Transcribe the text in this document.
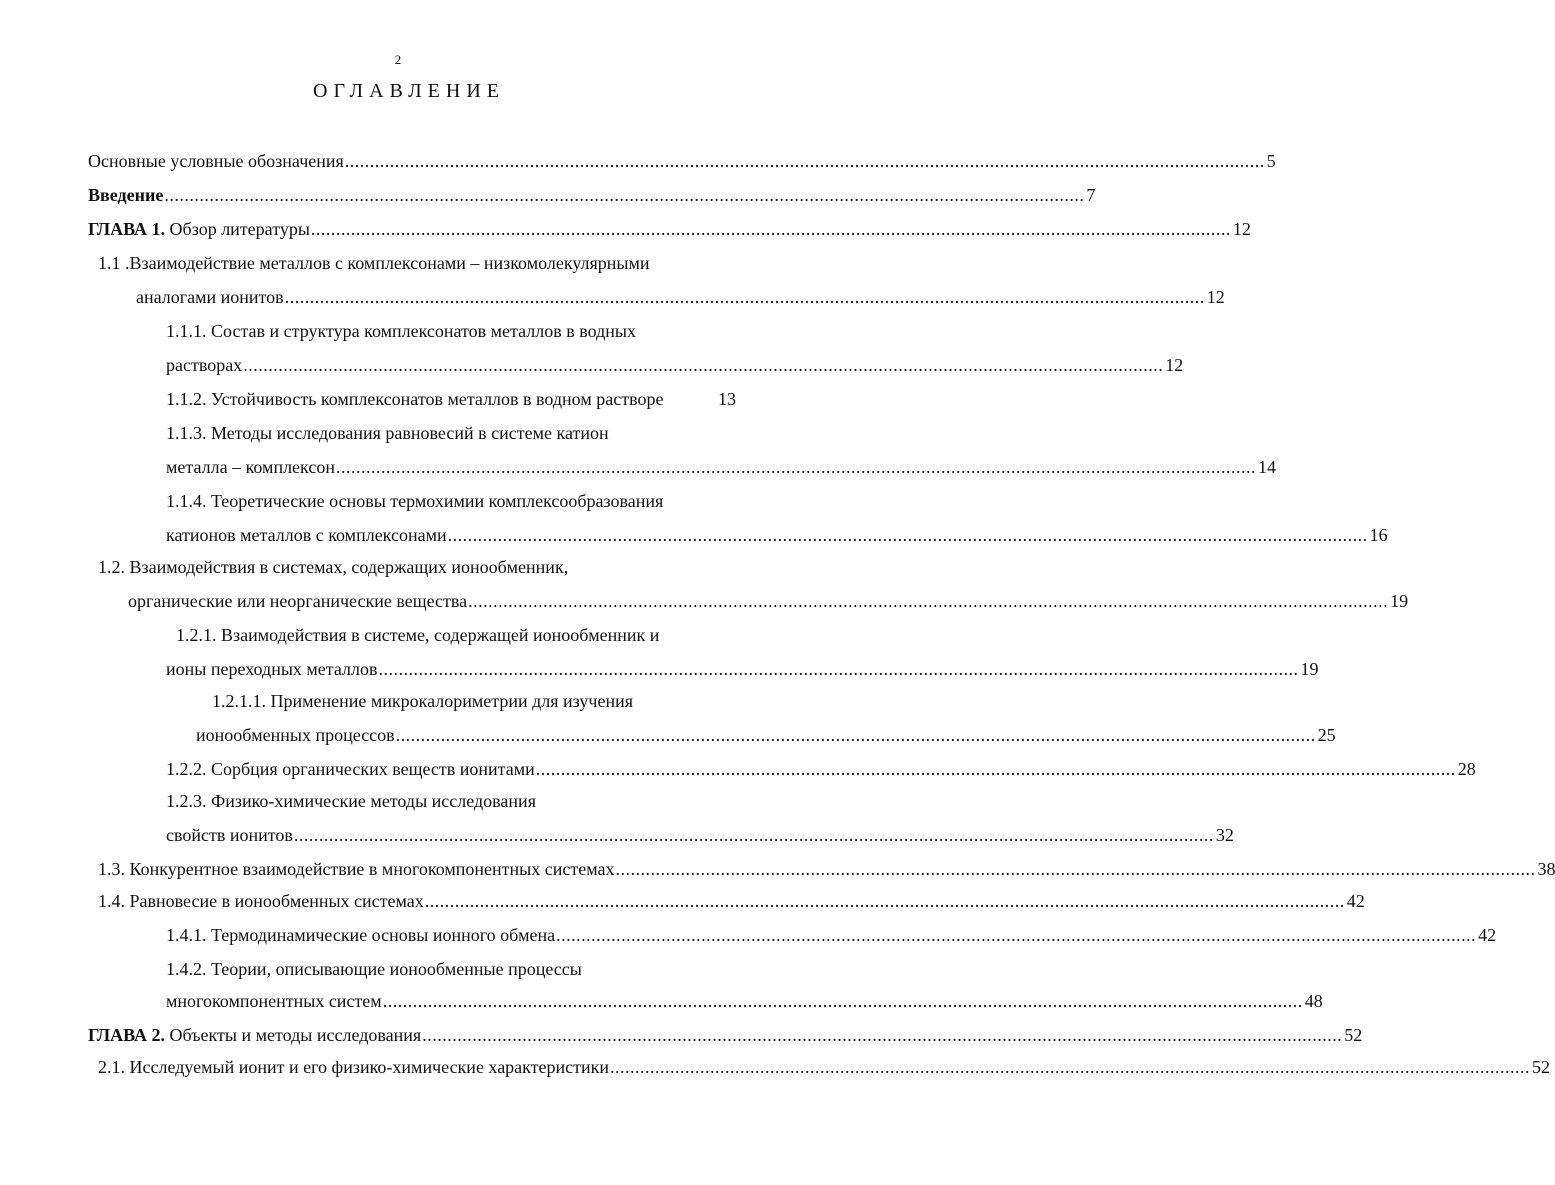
2
ОГЛАВЛЕНИЕ
Основные условные обозначения ........................................................................................................................................................................................ 5
Введение ........................................................................................................................................................................................ 7
ГЛАВА 1. Обзор литературы ........................................................................................................................................................................................ 12
1.1 .Взаимодействие металлов с комплексонами – низкомолекулярными
аналогами ионитов ........................................................................................................................................................................................ 12
1.1.1. Состав и структура комплексонатов металлов в водных
растворах ........................................................................................................................................................................................ 12
1.1.2. Устойчивость комплексонатов металлов в водном растворе	13
1.1.3. Методы исследования равновесий в системе катион
металла – комплексон ........................................................................................................................................................................................ 14
1.1.4. Теоретические основы термохимии комплексообразования
катионов металлов с комплексонами ........................................................................................................................................................................................ 16
1.2. Взаимодействия в системах, содержащих ионообменник,
органические или неорганические вещества ........................................................................................................................................................................................ 19
1.2.1. Взаимодействия в системе, содержащей ионообменник и
ионы переходных металлов ........................................................................................................................................................................................ 19
1.2.1.1. Применение микрокалориметрии для изучения
ионообменных процессов ........................................................................................................................................................................................ 25
1.2.2. Сорбция органических веществ ионитами ........................................................................................................................................................................................ 28
1.2.3. Физико-химические методы исследования
свойств ионитов ........................................................................................................................................................................................ 32
1.3. Конкурентное взаимодействие в многокомпонентных системах ........................................................................................................................................................................................ 38
1.4. Равновесие в ионообменных системах ........................................................................................................................................................................................ 42
1.4.1. Термодинамические основы ионного обмена ........................................................................................................................................................................................ 42
1.4.2. Теории, описывающие ионообменные процессы
многокомпонентных систем ........................................................................................................................................................................................ 48
ГЛАВА 2. Объекты и методы исследования ........................................................................................................................................................................................ 52
2.1. Исследуемый ионит и его физико-химические характеристики ........................................................................................................................................................................................ 52
